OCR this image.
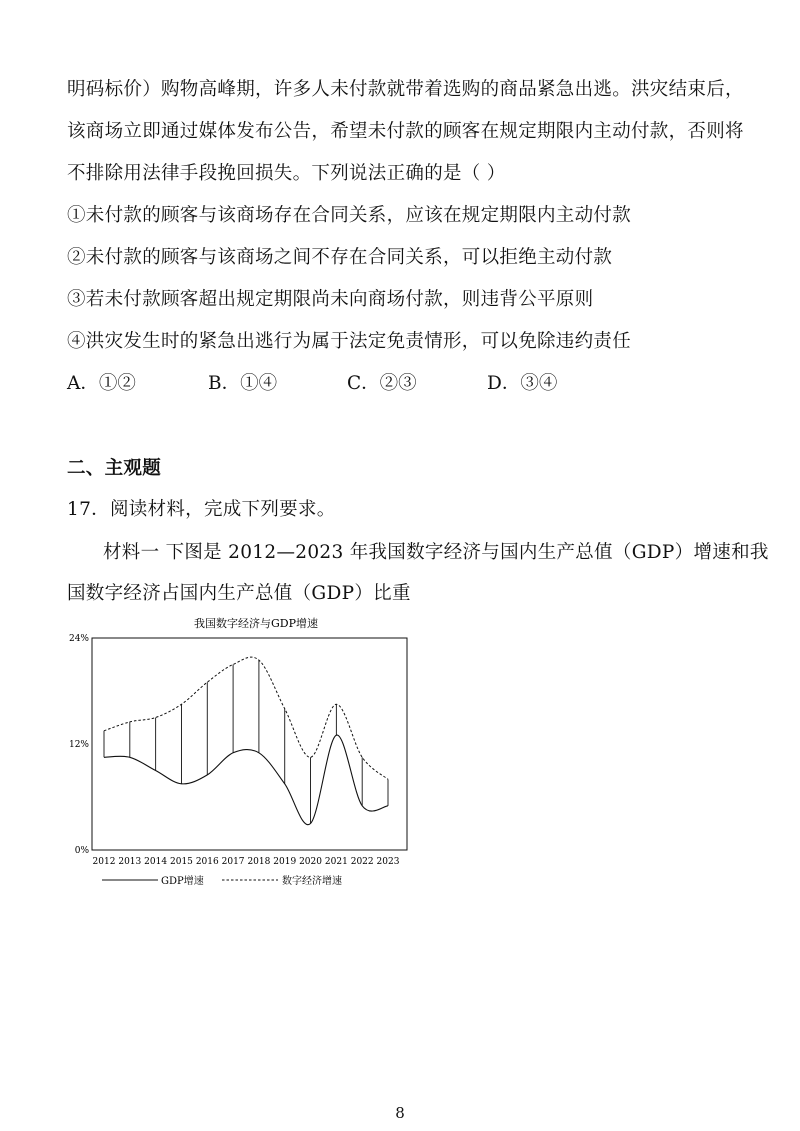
明码标价）购物高峰期，许多人未付款就带着选购的商品紧急出逃。洪灾结束后，
该商场立即通过媒体发布公告，希望未付款的顾客在规定期限内主动付款，否则将
不排除用法律手段挽回损失。下列说法正确的是（ ）
①未付款的顾客与该商场存在合同关系，应该在规定期限内主动付款
②未付款的顾客与该商场之间不存在合同关系，可以拒绝主动付款
③若未付款顾客超出规定期限尚未向商场付款，则违背公平原则
④洪灾发生时的紧急出逃行为属于法定免责情形，可以免除违约责任
A．①②	B．①④	C．②③	D．③④
二、主观题
17．阅读材料，完成下列要求。
材料一 下图是 2012—2023 年我国数字经济与国内生产总值（GDP）增速和我
国数字经济占国内生产总值（GDP）比重
我国数字经济与GDP增速
0%
12%
24%
2012 2013 2014 2015 2016 2017 2018 2019 2020 2021 2022 2023
GDP增速	数字经济增速
8
